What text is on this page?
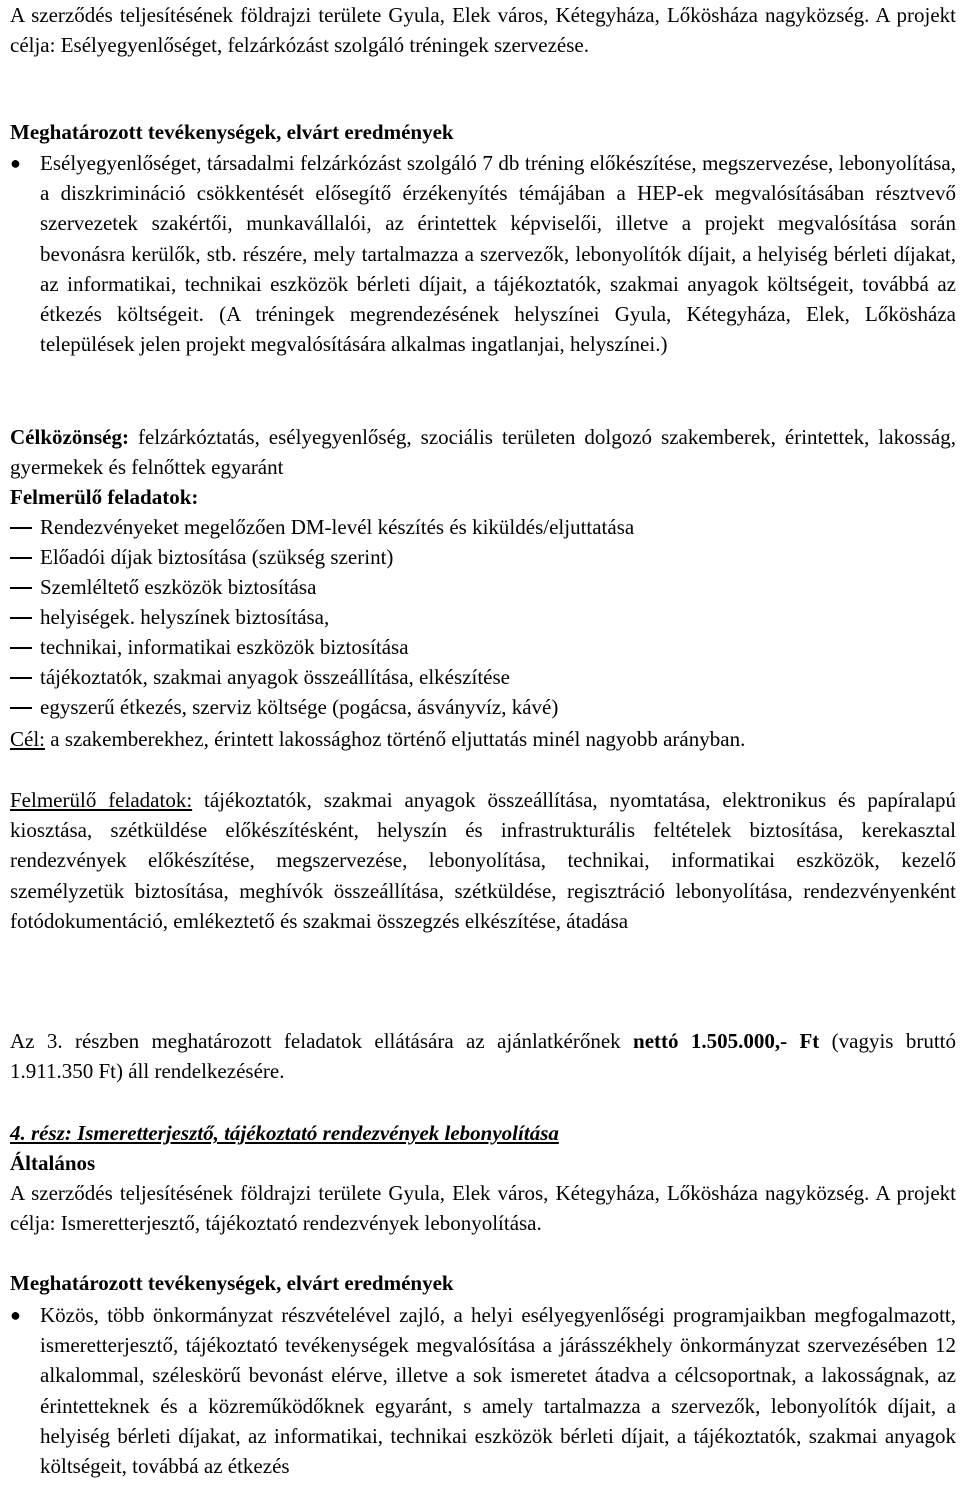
A szerződés teljesítésének földrajzi területe Gyula, Elek város, Kétegyháza, Lőkösháza nagyközség. A projekt célja: Esélyegyenlőséget, felzárkózást szolgáló tréningek szervezése.
Meghatározott tevékenységek, elvárt eredmények
● Esélyegyenlőséget, társadalmi felzárkózást szolgáló 7 db tréning előkészítése, megszervezése, lebonyolítása, a diszkrimináció csökkentését elősegítő érzékenyítés témájában a HEP-ek megvalósításában résztvevő szervezetek szakértői, munkavállalói, az érintettek képviselői, illetve a projekt megvalósítása során bevonásra kerülők, stb. részére, mely tartalmazza a szervezők, lebonyolítók díjait, a helyiség bérleti díjakat, az informatikai, technikai eszközök bérleti díjait, a tájékoztatók, szakmai anyagok költségeit, továbbá az étkezés költségeit. (A tréningek megrendezésének helyszínei Gyula, Kétegyháza, Elek, Lőkösháza települések jelen projekt megvalósítására alkalmas ingatlanjai, helyszínei.)
Célközönség: felzárkóztatás, esélyegyenlőség, szociális területen dolgozó szakemberek, érintettek, lakosság, gyermekek és felnőttek egyaránt
Felmerülő feladatok:
Rendezvényeket megelőzően DM-levél készítés és kiküldés/eljuttatása
Előadói díjak biztosítása (szükség szerint)
Szemléltető eszközök biztosítása
helyiségek. helyszínek biztosítása,
technikai, informatikai eszközök biztosítása
tájékoztatók, szakmai anyagok összeállítása, elkészítése
egyszerű étkezés, szerviz költsége (pogácsa, ásványvíz, kávé)
Cél: a szakemberekhez, érintett lakossághoz történő eljuttatás minél nagyobb arányban.
Felmerülő feladatok: tájékoztatók, szakmai anyagok összeállítása, nyomtatása, elektronikus és papíralapú kiosztása, szétküldése előkészítésként, helyszín és infrastrukturális feltételek biztosítása, kerekasztal rendezvények előkészítése, megszervezése, lebonyolítása, technikai, informatikai eszközök, kezelő személyzetük biztosítása, meghívók összeállítása, szétküldése, regisztráció lebonyolítása, rendezvényenként fotódokumentáció, emlékeztető és szakmai összegzés elkészítése, átadása
Az 3. részben meghatározott feladatok ellátására az ajánlatkérőnek nettó 1.505.000,- Ft (vagyis bruttó 1.911.350 Ft) áll rendelkezésére.
4. rész: Ismeretterjesztő, tájékoztató rendezvények lebonyolítása
Általános
A szerződés teljesítésének földrajzi területe Gyula, Elek város, Kétegyháza, Lőkösháza nagyközség. A projekt célja: Ismeretterjesztő, tájékoztató rendezvények lebonyolítása.
Meghatározott tevékenységek, elvárt eredmények
● Közös, több önkormányzat részvételével zajló, a helyi esélyegyenlőségi programjaikban megfogalmazott, ismeretterjesztő, tájékoztató tevékenységek megvalósítása a járásszékhely önkormányzat szervezésében 12 alkalommal, széleskörű bevonást elérve, illetve a sok ismeretet átadva a célcsoportnak, a lakosságnak, az érintetteknek és a közreműködőknek egyaránt, s amely tartalmazza a szervezők, lebonyolítók díjait, a helyiség bérleti díjakat, az informatikai, technikai eszközök bérleti díjait, a tájékoztatók, szakmai anyagok költségeit, továbbá az étkezés
